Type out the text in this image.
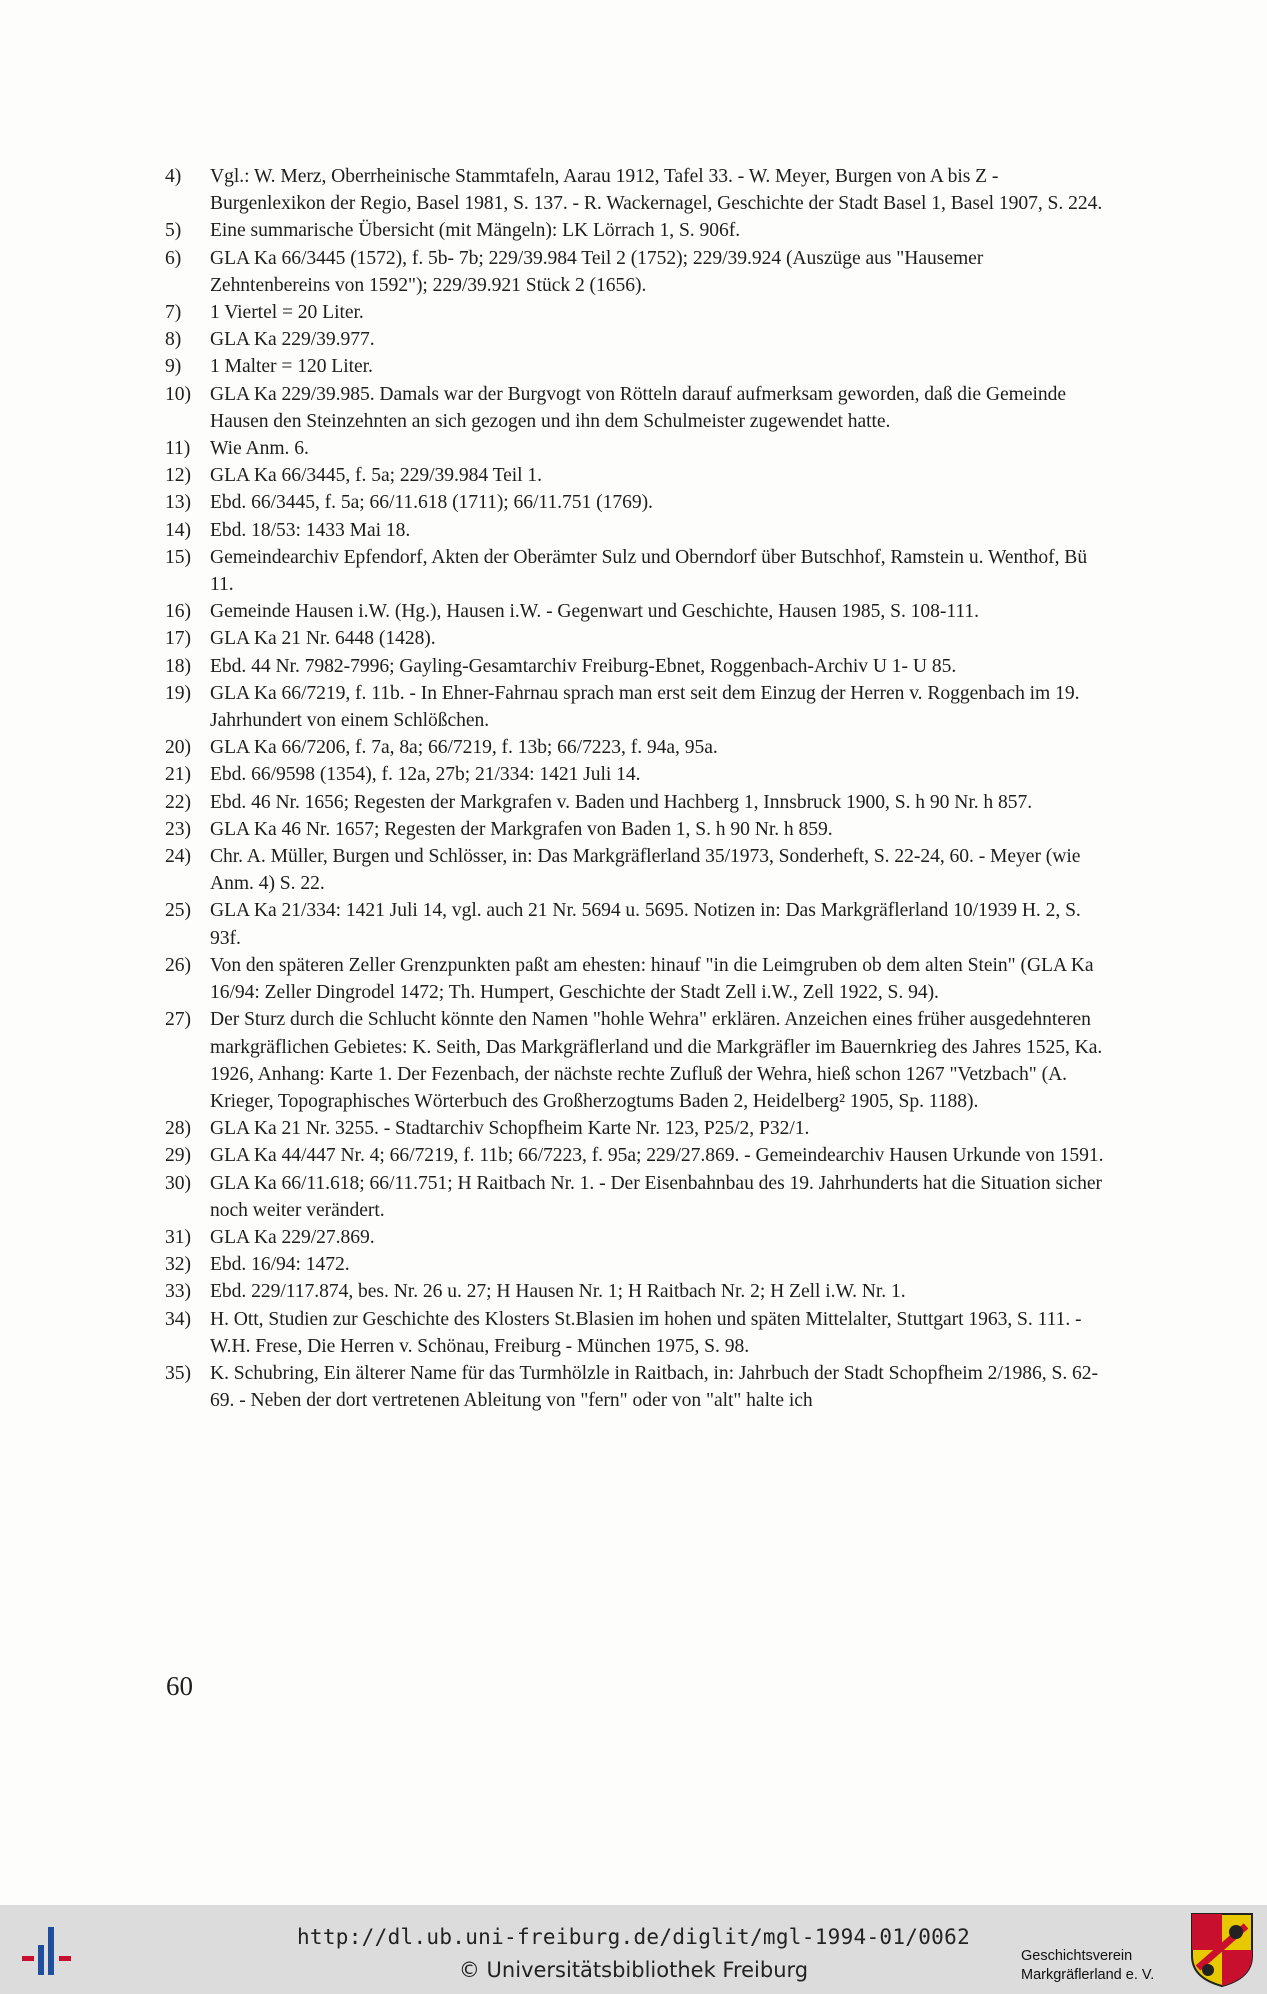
4) Vgl.: W. Merz, Oberrheinische Stammtafeln, Aarau 1912, Tafel 33. - W. Meyer, Burgen von A bis Z - Burgenlexikon der Regio, Basel 1981, S. 137. - R. Wackernagel, Geschichte der Stadt Basel 1, Basel 1907, S. 224.
5) Eine summarische Übersicht (mit Mängeln): LK Lörrach 1, S. 906f.
6) GLA Ka 66/3445 (1572), f. 5b- 7b; 229/39.984 Teil 2 (1752); 229/39.924 (Auszüge aus "Hausemer Zehntenbereins von 1592"); 229/39.921 Stück 2 (1656).
7) 1 Viertel = 20 Liter.
8) GLA Ka 229/39.977.
9) 1 Malter = 120 Liter.
10) GLA Ka 229/39.985. Damals war der Burgvogt von Rötteln darauf aufmerksam geworden, daß die Gemeinde Hausen den Steinzehnten an sich gezogen und ihn dem Schulmeister zugewendet hatte.
11) Wie Anm. 6.
12) GLA Ka 66/3445, f. 5a; 229/39.984 Teil 1.
13) Ebd. 66/3445, f. 5a; 66/11.618 (1711); 66/11.751 (1769).
14) Ebd. 18/53: 1433 Mai 18.
15) Gemeindearchiv Epfendorf, Akten der Oberämter Sulz und Oberndorf über Butschhof, Ramstein u. Wenthof, Bü 11.
16) Gemeinde Hausen i.W. (Hg.), Hausen i.W. - Gegenwart und Geschichte, Hausen 1985, S. 108-111.
17) GLA Ka 21 Nr. 6448 (1428).
18) Ebd. 44 Nr. 7982-7996; Gayling-Gesamtarchiv Freiburg-Ebnet, Roggenbach-Archiv U 1- U 85.
19) GLA Ka 66/7219, f. 11b. - In Ehner-Fahrnau sprach man erst seit dem Einzug der Herren v. Roggenbach im 19. Jahrhundert von einem Schlößchen.
20) GLA Ka 66/7206, f. 7a, 8a; 66/7219, f. 13b; 66/7223, f. 94a, 95a.
21) Ebd. 66/9598 (1354), f. 12a, 27b; 21/334: 1421 Juli 14.
22) Ebd. 46 Nr. 1656; Regesten der Markgrafen v. Baden und Hachberg 1, Innsbruck 1900, S. h 90 Nr. h 857.
23) GLA Ka 46 Nr. 1657; Regesten der Markgrafen von Baden 1, S. h 90 Nr. h 859.
24) Chr. A. Müller, Burgen und Schlösser, in: Das Markgräflerland 35/1973, Sonderheft, S. 22-24, 60. - Meyer (wie Anm. 4) S. 22.
25) GLA Ka 21/334: 1421 Juli 14, vgl. auch 21 Nr. 5694 u. 5695. Notizen in: Das Markgräflerland 10/1939 H. 2, S. 93f.
26) Von den späteren Zeller Grenzpunkten paßt am ehesten: hinauf "in die Leimgruben ob dem alten Stein" (GLA Ka 16/94: Zeller Dingrodel 1472; Th. Humpert, Geschichte der Stadt Zell i.W., Zell 1922, S. 94).
27) Der Sturz durch die Schlucht könnte den Namen "hohle Wehra" erklären. Anzeichen eines früher ausgedehnteren markgräflichen Gebietes: K. Seith, Das Markgräflerland und die Markgräfler im Bauernkrieg des Jahres 1525, Ka. 1926, Anhang: Karte 1. Der Fezenbach, der nächste rechte Zufluß der Wehra, hieß schon 1267 "Vetzbach" (A. Krieger, Topographisches Wörterbuch des Großherzogtums Baden 2, Heidelberg² 1905, Sp. 1188).
28) GLA Ka 21 Nr. 3255. - Stadtarchiv Schopfheim Karte Nr. 123, P25/2, P32/1.
29) GLA Ka 44/447 Nr. 4; 66/7219, f. 11b; 66/7223, f. 95a; 229/27.869. - Gemeindearchiv Hausen Urkunde von 1591.
30) GLA Ka 66/11.618; 66/11.751; H Raitbach Nr. 1. - Der Eisenbahnbau des 19. Jahrhunderts hat die Situation sicher noch weiter verändert.
31) GLA Ka 229/27.869.
32) Ebd. 16/94: 1472.
33) Ebd. 229/117.874, bes. Nr. 26 u. 27; H Hausen Nr. 1; H Raitbach Nr. 2; H Zell i.W. Nr. 1.
34) H. Ott, Studien zur Geschichte des Klosters St.Blasien im hohen und späten Mittelalter, Stuttgart 1963, S. 111. - W.H. Frese, Die Herren v. Schönau, Freiburg - München 1975, S. 98.
35) K. Schubring, Ein älterer Name für das Turmhölzle in Raitbach, in: Jahrbuch der Stadt Schopfheim 2/1986, S. 62-69. - Neben der dort vertretenen Ableitung von "fern" oder von "alt" halte ich
60
http://dl.ub.uni-freiburg.de/diglit/mgl-1994-01/0062
© Universitätsbibliothek Freiburg
Geschichtsverein
Markgräflerland e. V.
